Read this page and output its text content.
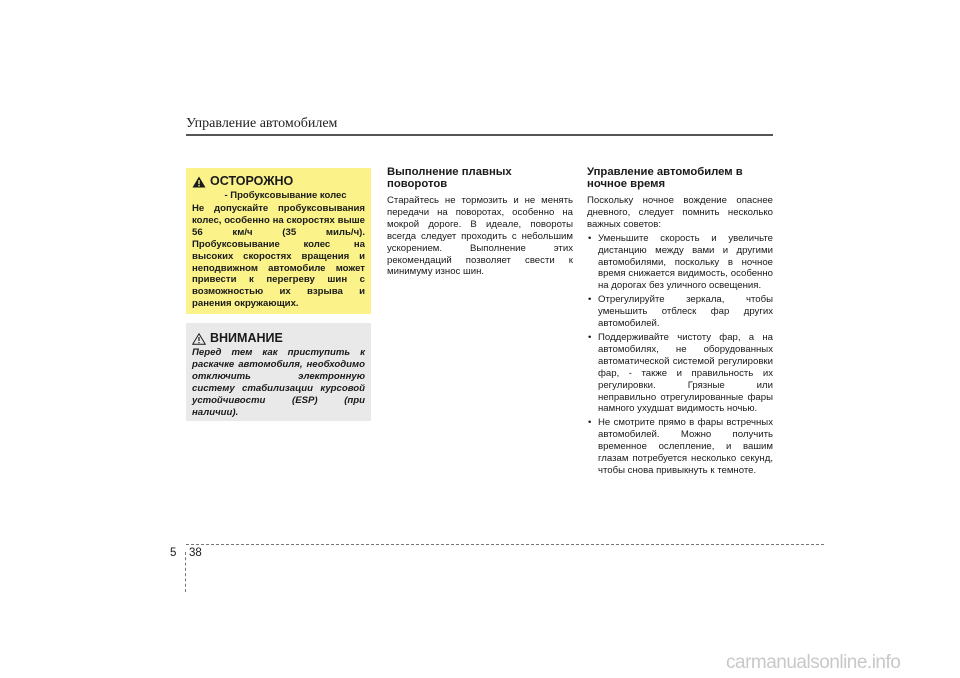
Управление автомобилем
ОСТОРОЖНО
- Пробуксовывание колес
Не допускайте пробуксовывания колес, особенно на скоростях выше 56 км/ч (35 миль/ч). Пробуксовывание колес на высоких скоростях вращения и неподвижном автомобиле может привести к перегреву шин с возможностью их взрыва и ранения окружающих.
ВНИМАНИЕ
Перед тем как приступить к раскачке автомобиля, необходимо отключить электронную систему стабилизации курсовой устойчивости (ESP) (при наличии).
Выполнение плавных поворотов
Старайтесь не тормозить и не менять передачи на поворотах, особенно на мокрой дороге. В идеале, повороты всегда следует проходить с небольшим ускорением. Выполнение этих рекомендаций позволяет свести к минимуму износ шин.
Управление автомобилем в ночное время
Поскольку ночное вождение опаснее дневного, следует помнить несколько важных советов:
• Уменьшите скорость и увеличьте дистанцию между вами и другими автомобилями, поскольку в ночное время снижается видимость, особенно на дорогах без уличного освещения.
• Отрегулируйте зеркала, чтобы уменьшить отблеск фар других автомобилей.
• Поддерживайте чистоту фар, а на автомобилях, не оборудованных автоматической системой регулировки фар, - также и правильность их регулировки. Грязные или неправильно отрегулированные фары намного ухудшат видимость ночью.
• Не смотрите прямо в фары встречных автомобилей. Можно получить временное ослепление, и вашим глазам потребуется несколько секунд, чтобы снова привыкнуть к темноте.
5 38
carmanualsonline.info
